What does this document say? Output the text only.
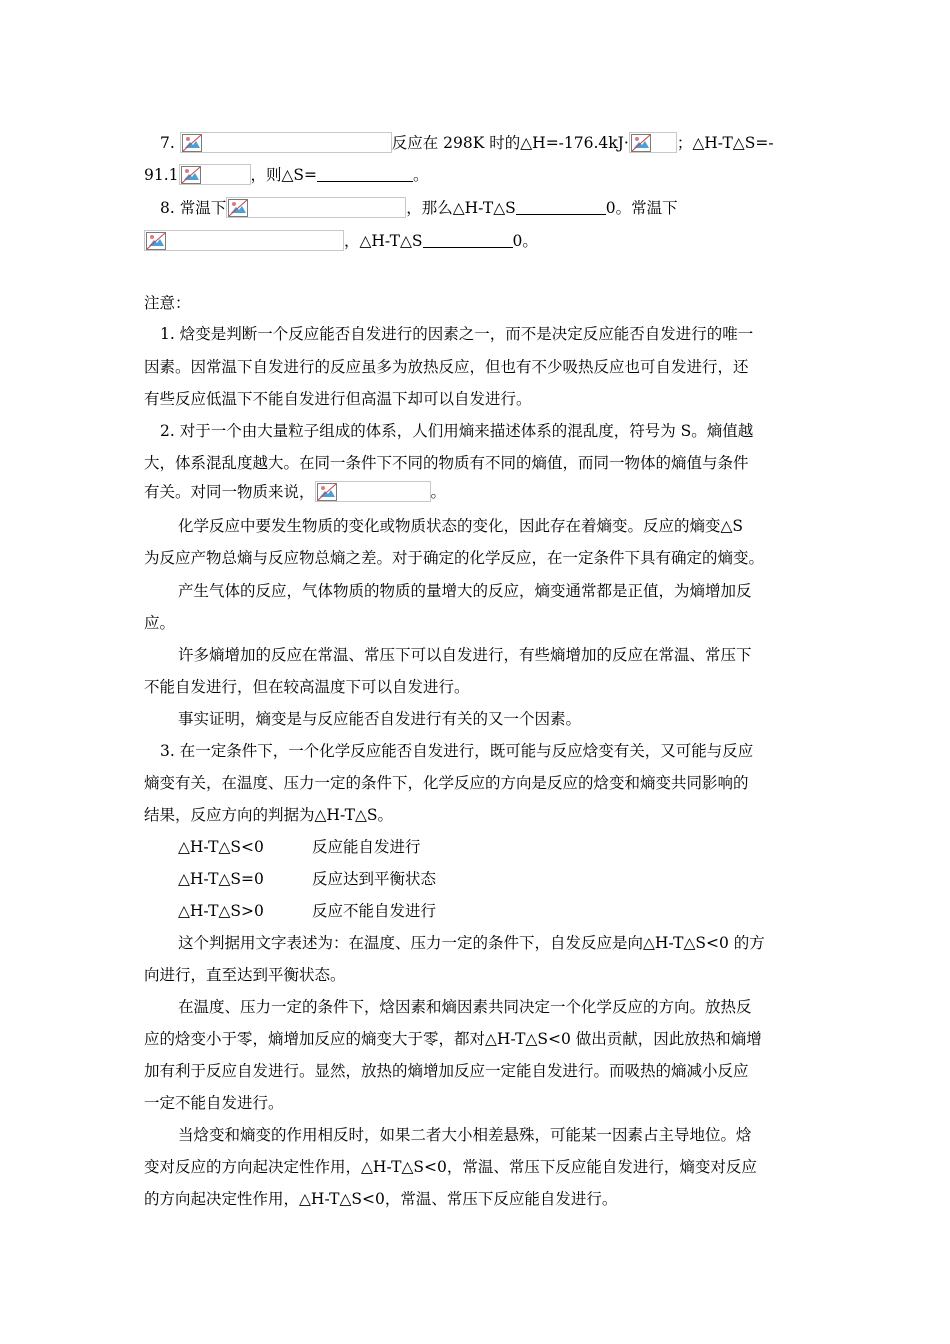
7.	反应在 298K 时的△H=-176.4kJ·	；△H-T△S=-
91.1	，则△S=	。
8. 常温下	，那么△H-T△S	0。常温下
，△H-T△S	0。
注意：
1. 焓变是判断一个反应能否自发进行的因素之一，而不是决定反应能否自发进行的唯一
因素。因常温下自发进行的反应虽多为放热反应，但也有不少吸热反应也可自发进行，还
有些反应低温下不能自发进行但高温下却可以自发进行。
2. 对于一个由大量粒子组成的体系，人们用熵来描述体系的混乱度，符号为 S。熵值越
大，体系混乱度越大。在同一条件下不同的物质有不同的熵值，而同一物体的熵值与条件
有关。对同一物质来说，	。
化学反应中要发生物质的变化或物质状态的变化，因此存在着熵变。反应的熵变△S
为反应产物总熵与反应物总熵之差。对于确定的化学反应，在一定条件下具有确定的熵变。
产生气体的反应，气体物质的物质的量增大的反应，熵变通常都是正值，为熵增加反
应。
许多熵增加的反应在常温、常压下可以自发进行，有些熵增加的反应在常温、常压下
不能自发进行，但在较高温度下可以自发进行。
事实证明，熵变是与反应能否自发进行有关的又一个因素。
3. 在一定条件下，一个化学反应能否自发进行，既可能与反应焓变有关，又可能与反应
熵变有关，在温度、压力一定的条件下，化学反应的方向是反应的焓变和熵变共同影响的
结果，反应方向的判据为△H-T△S。
△H-T△S<0	反应能自发进行
△H-T△S=0	反应达到平衡状态
△H-T△S>0	反应不能自发进行
这个判据用文字表述为：在温度、压力一定的条件下，自发反应是向△H-T△S<0 的方
向进行，直至达到平衡状态。
在温度、压力一定的条件下，焓因素和熵因素共同决定一个化学反应的方向。放热反
应的焓变小于零，熵增加反应的熵变大于零，都对△H-T△S<0 做出贡献，因此放热和熵增
加有利于反应自发进行。显然，放热的熵增加反应一定能自发进行。而吸热的熵减小反应
一定不能自发进行。
当焓变和熵变的作用相反时，如果二者大小相差悬殊，可能某一因素占主导地位。焓
变对反应的方向起决定性作用，△H-T△S<0，常温、常压下反应能自发进行，熵变对反应
的方向起决定性作用，△H-T△S<0，常温、常压下反应能自发进行。
